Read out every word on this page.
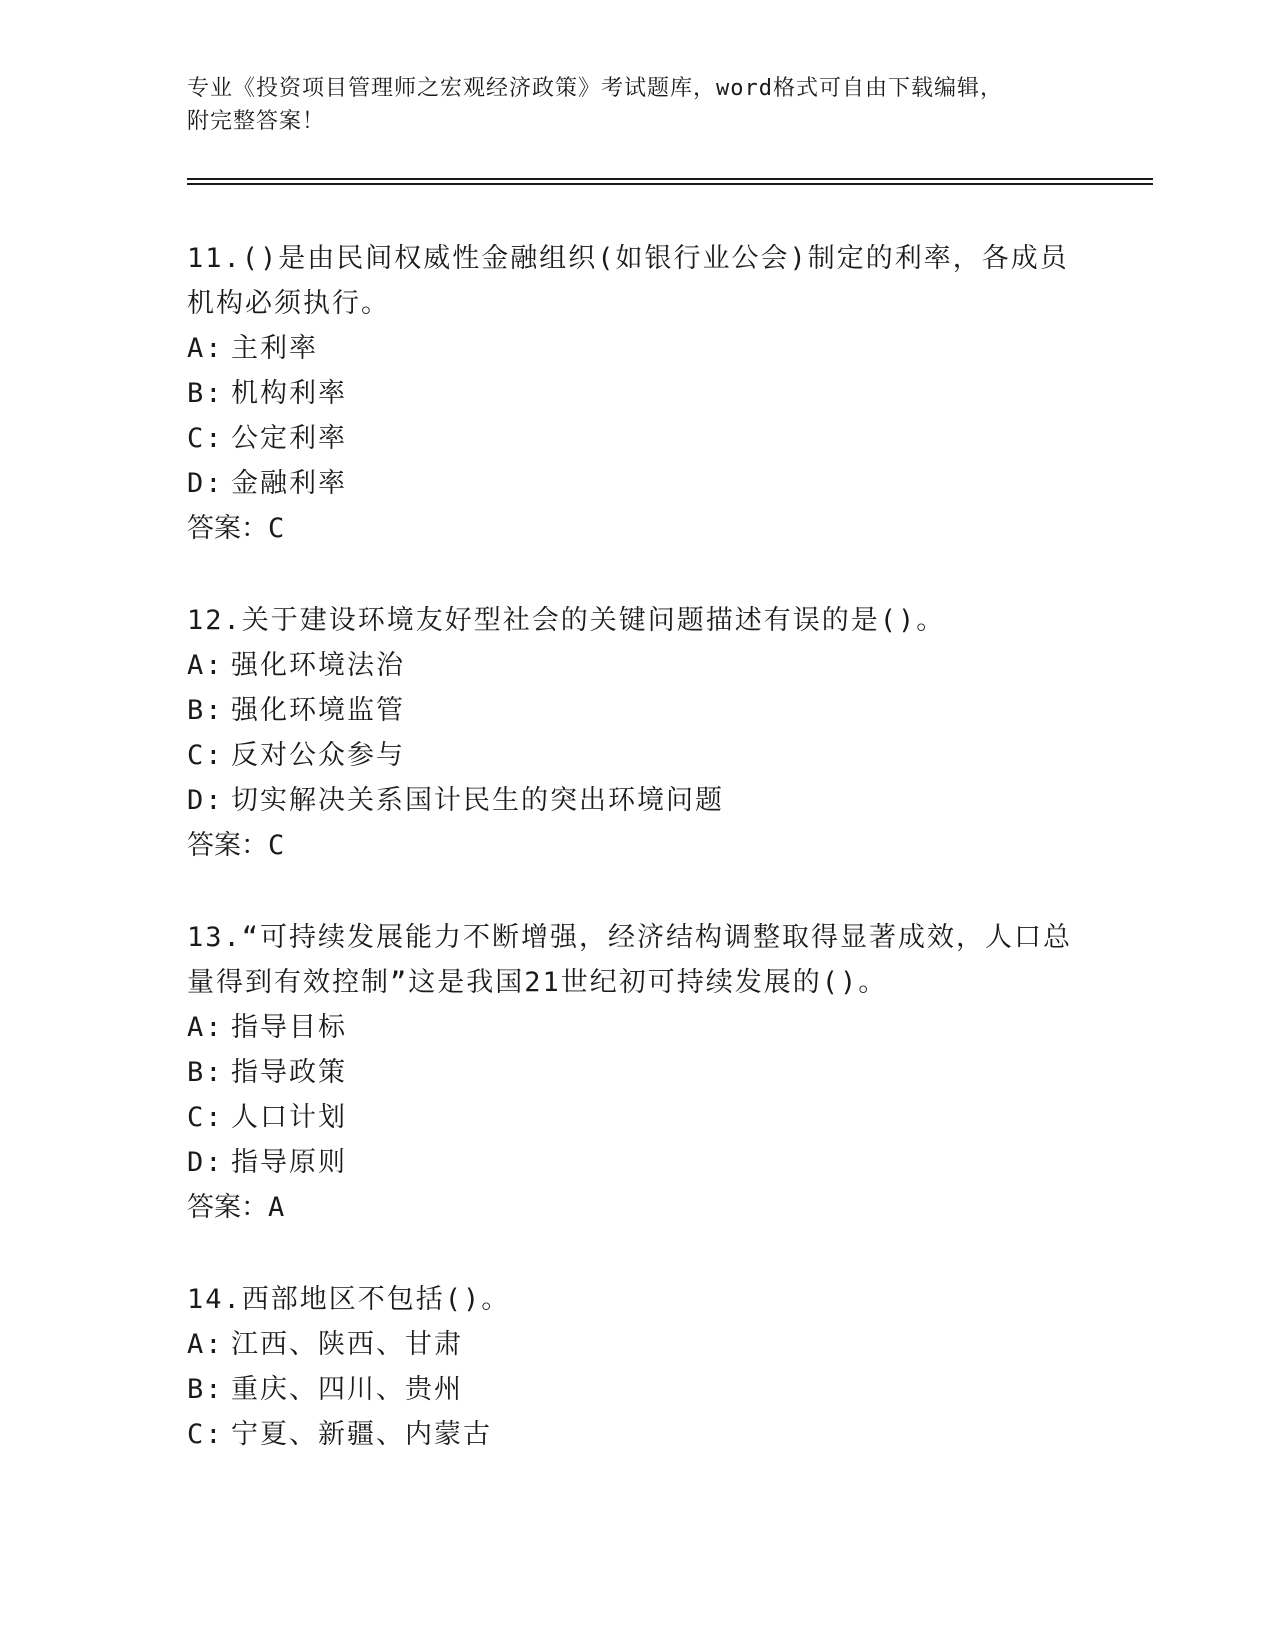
专业《投资项目管理师之宏观经济政策》考试题库，word格式可自由下载编辑，
附完整答案！

11.()是由民间权威性金融组织(如银行业公会)制定的利率，各成员机构必须执行。

A: 主利率

B: 机构利率

C: 公定利率

D: 金融利率

答案：C

12.关于建设环境友好型社会的关键问题描述有误的是()。

A: 强化环境法治

B: 强化环境监管

C: 反对公众参与

D: 切实解决关系国计民生的突出环境问题

答案：C

13.“可持续发展能力不断增强，经济结构调整取得显著成效，人口总量得到有效控制”这是我国21世纪初可持续发展的()。

A: 指导目标

B: 指导政策

C: 人口计划

D: 指导原则

答案：A

14.西部地区不包括()。

A: 江西、陕西、甘肃

B: 重庆、四川、贵州

C: 宁夏、新疆、内蒙古
